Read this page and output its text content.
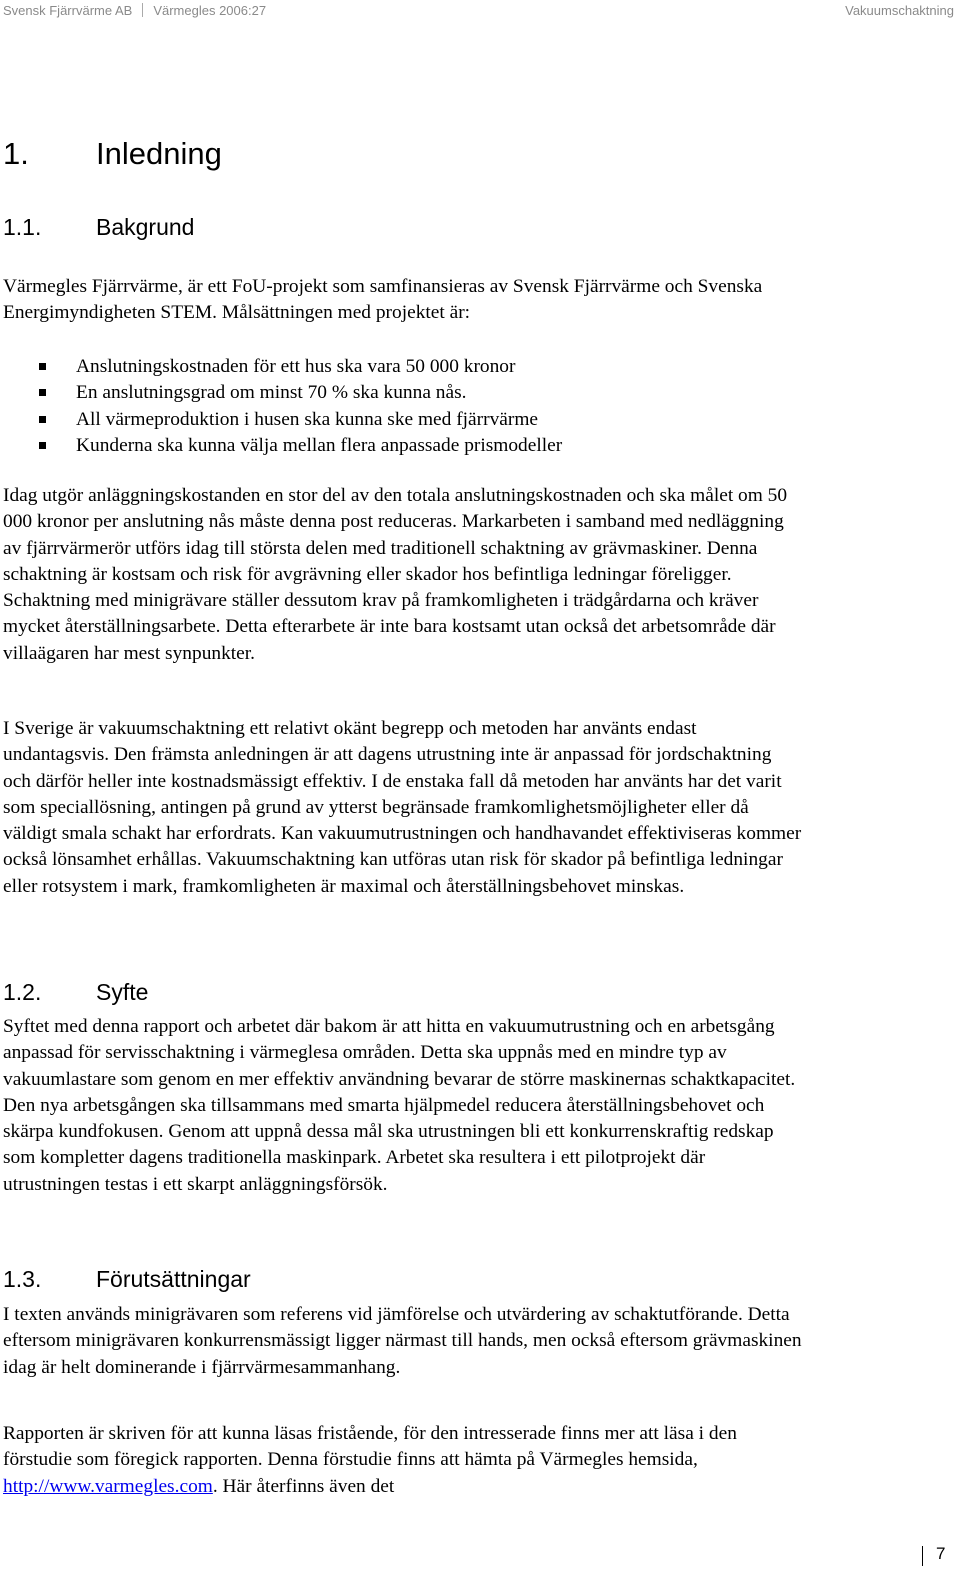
Svensk Fjärrvärme AB Värmegles 2006:27	Vakuumschaktning
1. Inledning
1.1. Bakgrund

Värmegles Fjärrvärme, är ett FoU-projekt som samfinansieras av Svensk Fjärrvärme och Svenska Energimyndigheten STEM. Målsättningen med projektet är:

Anslutningskostnaden för ett hus ska vara 50 000 kronor
En anslutningsgrad om minst 70 % ska kunna nås.
All värmeproduktion i husen ska kunna ske med fjärrvärme
Kunderna ska kunna välja mellan flera anpassade prismodeller

Idag utgör anläggningskostanden en stor del av den totala anslutningskostnaden och ska målet om 50 000 kronor per anslutning nås måste denna post reduceras. Markarbeten i samband med nedläggning av fjärrvärmerör utförs idag till största delen med traditionell schaktning av grävmaskiner. Denna schaktning är kostsam och risk för avgrävning eller skador hos befintliga ledningar föreligger. Schaktning med minigrävare ställer dessutom krav på framkomligheten i trädgårdarna och kräver mycket återställningsarbete. Detta efterarbete är inte bara kostsamt utan också det arbetsområde där villaägaren har mest synpunkter.

I Sverige är vakuumschaktning ett relativt okänt begrepp och metoden har använts endast undantagsvis. Den främsta anledningen är att dagens utrustning inte är anpassad för jordschaktning och därför heller inte kostnadsmässigt effektiv. I de enstaka fall då metoden har använts har det varit som speciallösning, antingen på grund av ytterst begränsade framkomlighetsmöjligheter eller då väldigt smala schakt har erfordrats. Kan vakuumutrustningen och handhavandet effektiviseras kommer också lönsamhet erhållas. Vakuumschaktning kan utföras utan risk för skador på befintliga ledningar eller rotsystem i mark, framkomligheten är maximal och återställningsbehovet minskas.

1.2. Syfte

Syftet med denna rapport och arbetet där bakom är att hitta en vakuumutrustning och en arbetsgång anpassad för servisschaktning i värmeglesa områden. Detta ska uppnås med en mindre typ av vakuumlastare som genom en mer effektiv användning bevarar de större maskinernas schaktkapacitet. Den nya arbetsgången ska tillsammans med smarta hjälpmedel reducera återställningsbehovet och skärpa kundfokusen. Genom att uppnå dessa mål ska utrustningen bli ett konkurrenskraftig redskap som kompletter dagens traditionella maskinpark. Arbetet ska resultera i ett pilotprojekt där utrustningen testas i ett skarpt anläggningsförsök.

1.3. Förutsättningar

I texten används minigrävaren som referens vid jämförelse och utvärdering av schaktutförande. Detta eftersom minigrävaren konkurrensmässigt ligger närmast till hands, men också eftersom grävmaskinen idag är helt dominerande i fjärrvärmesammanhang.

Rapporten är skriven för att kunna läsas fristående, för den intresserade finns mer att läsa i den förstudie som föregick rapporten. Denna förstudie finns att hämta på Värmegles hemsida, http://www.varmegles.com. Här återfinns även det

7
